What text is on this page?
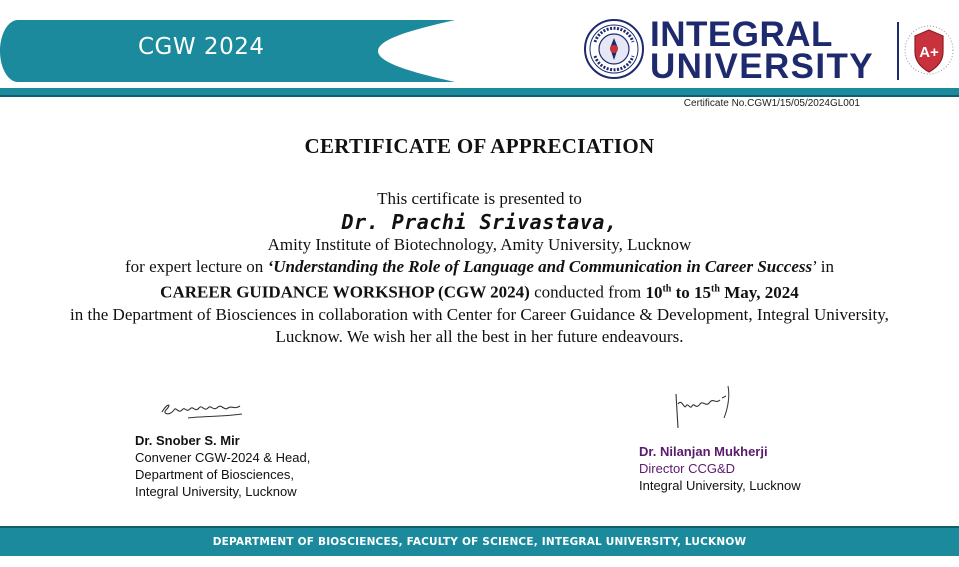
CGW 2024	INTEGRAL
UNIVERSITY	A+
Certificate No.CGW1/15/05/2024GL001
CERTIFICATE OF APPRECIATION
This certificate is presented to
Dr. Prachi Srivastava,
Amity Institute of Biotechnology, Amity University, Lucknow
for expert lecture on ‘Understanding the Role of Language and Communication in Career Success’ in
CAREER GUIDANCE WORKSHOP (CGW 2024) conducted from 10th to 15th May, 2024
in the Department of Biosciences in collaboration with Center for Career Guidance & Development, Integral University, Lucknow. We wish her all the best in her future endeavours.
Dr. Snober S. Mir
Convener CGW-2024 & Head,
Department of Biosciences,
Integral University, Lucknow
Dr. Nilanjan Mukherji
Director CCG&D
Integral University, Lucknow
DEPARTMENT OF BIOSCIENCES, FACULTY OF SCIENCE, INTEGRAL UNIVERSITY, LUCKNOW
